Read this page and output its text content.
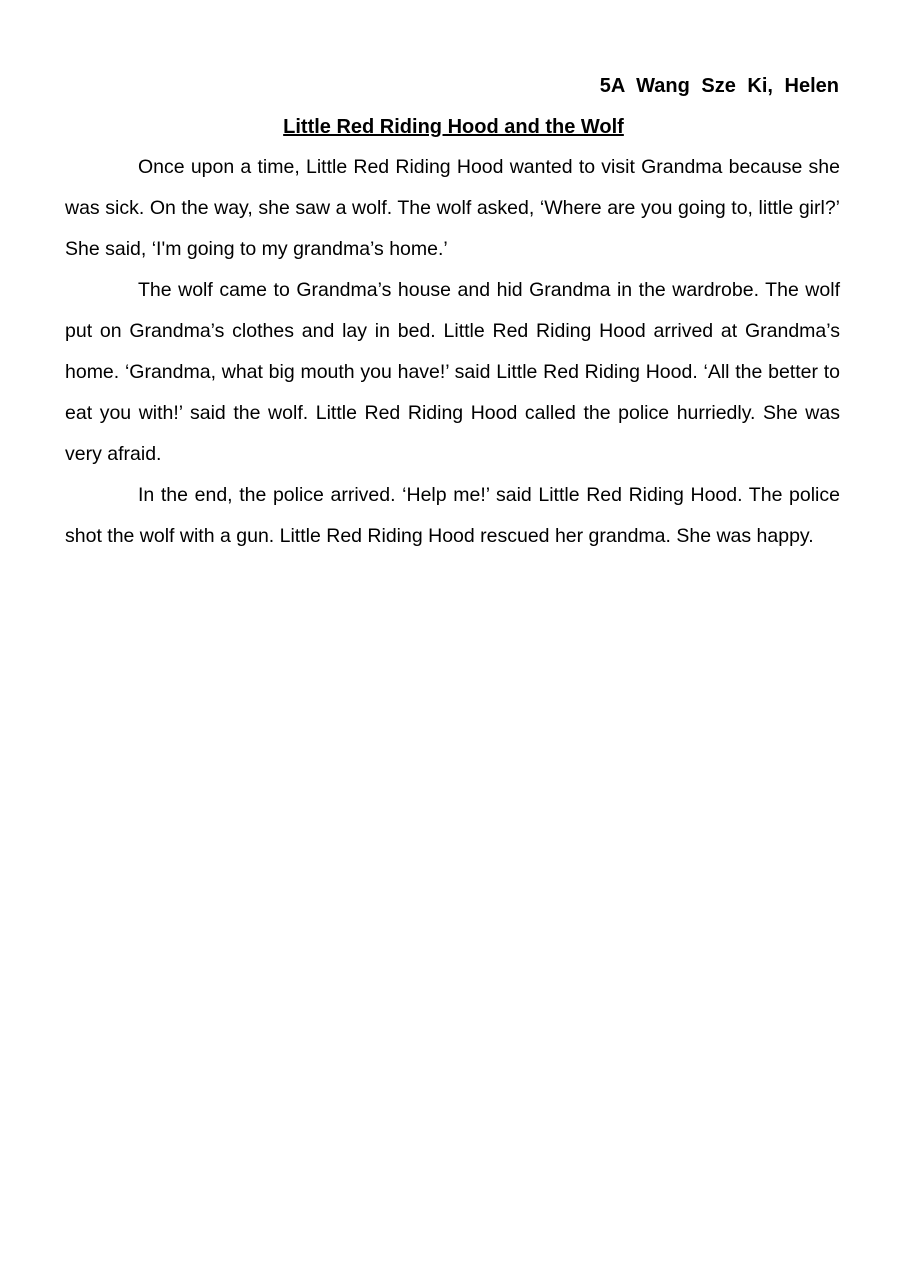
5A Wang Sze Ki, Helen
Little Red Riding Hood and the Wolf

Once upon a time, Little Red Riding Hood wanted to visit Grandma because she was sick. On the way, she saw a wolf. The wolf asked, ‘Where are you going to, little girl?’ She said, ‘I'm going to my grandma’s home.’

The wolf came to Grandma’s house and hid Grandma in the wardrobe. The wolf put on Grandma’s clothes and lay in bed. Little Red Riding Hood arrived at Grandma’s home. ‘Grandma, what big mouth you have!’ said Little Red Riding Hood. ‘All the better to eat you with!’ said the wolf. Little Red Riding Hood called the police hurriedly. She was very afraid.

In the end, the police arrived. ‘Help me!’ said Little Red Riding Hood. The police shot the wolf with a gun. Little Red Riding Hood rescued her grandma. She was happy.
